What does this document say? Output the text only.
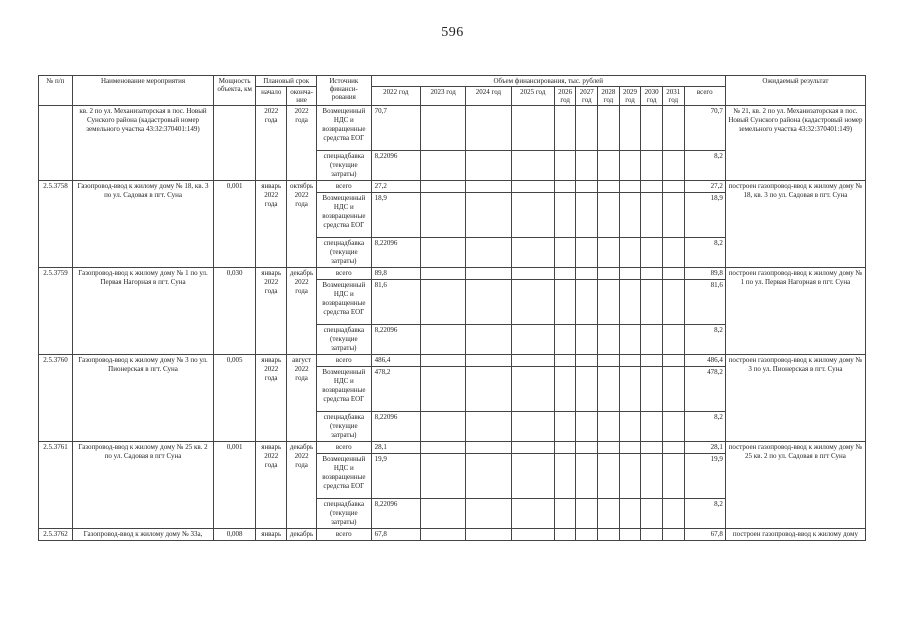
596
№ п/п	Наименование мероприятия	Мощность объекта, км	Плановый срок		Источник финанси-рования	Объем финансирования, тыс. рублей											Ожидаемый результат
			начало	оконча-ние		2022 год	2023 год	2024 год	2025 год	2026 год	2027 год	2028 год	2029 год	2030 год	2031 год	всего	
	кв. 2 по ул. Механизаторская в пос. Новый Сунского района (кадастровый номер земельного участка 43:32:370401:149)		2022 года	2022 года	Возмещенный НДС и возвращенные средства ЕОГ	70,7										70,7	№ 21, кв. 2 по ул. Механизаторская в пос. Новый Сунского района (кадастровый номер земельного участка 43:32:370401:149)
					спецнадбавка (текущие затраты)	8,22096										8,2	
2.5.3758	Газопровод-ввод к жилому дому № 18, кв. 3 по ул. Садовая в пгт. Суна	0,001	январь 2022 года	октябрь 2022 года	всего	27,2										27,2	построен газопровод-ввод к жилому дому № 18, кв. 3 по ул. Садовая в пгт. Суна
					Возмещенный НДС и возвращенные средства ЕОГ	18,9										18,9	
					спецнадбавка (текущие затраты)	8,22096										8,2	
2.5.3759	Газопровод-ввод к жилому дому № 1 по ул. Первая Нагорная в пгт. Суна	0,030	январь 2022 года	декабрь 2022 года	всего	89,8										89,8	построен газопровод-ввод к жилому дому № 1 по ул. Первая Нагорная в пгт. Суна
					Возмещенный НДС и возвращенные средства ЕОГ	81,6										81,6	
					спецнадбавка (текущие затраты)	8,22096										8,2	
2.5.3760	Газопровод-ввод к жилому дому № 3 по ул. Пионерская в пгт. Суна	0,005	январь 2022 года	август 2022 года	всего	486,4										486,4	построен газопровод-ввод к жилому дому № 3 по ул. Пионерская в пгт. Суна
					Возмещенный НДС и возвращенные средства ЕОГ	478,2										478,2	
					спецнадбавка (текущие затраты)	8,22096										8,2	
2.5.3761	Газопровод-ввод к жилому дому № 25 кв. 2 по ул. Садовая в пгт Суна	0,001	январь 2022 года	декабрь 2022 года	всего	28,1										28,1	построен газопровод-ввод к жилому дому № 25 кв. 2 по ул. Садовая в пгт Суна
					Возмещенный НДС и возвращенные средства ЕОГ	19,9										19,9	
					спецнадбавка (текущие затраты)	8,22096										8,2	
2.5.3762	Газопровод-ввод к жилому дому № 33а,	0,008	январь	декабрь	всего	67,8										67,8	построен газопровод-ввод к жилому дому
